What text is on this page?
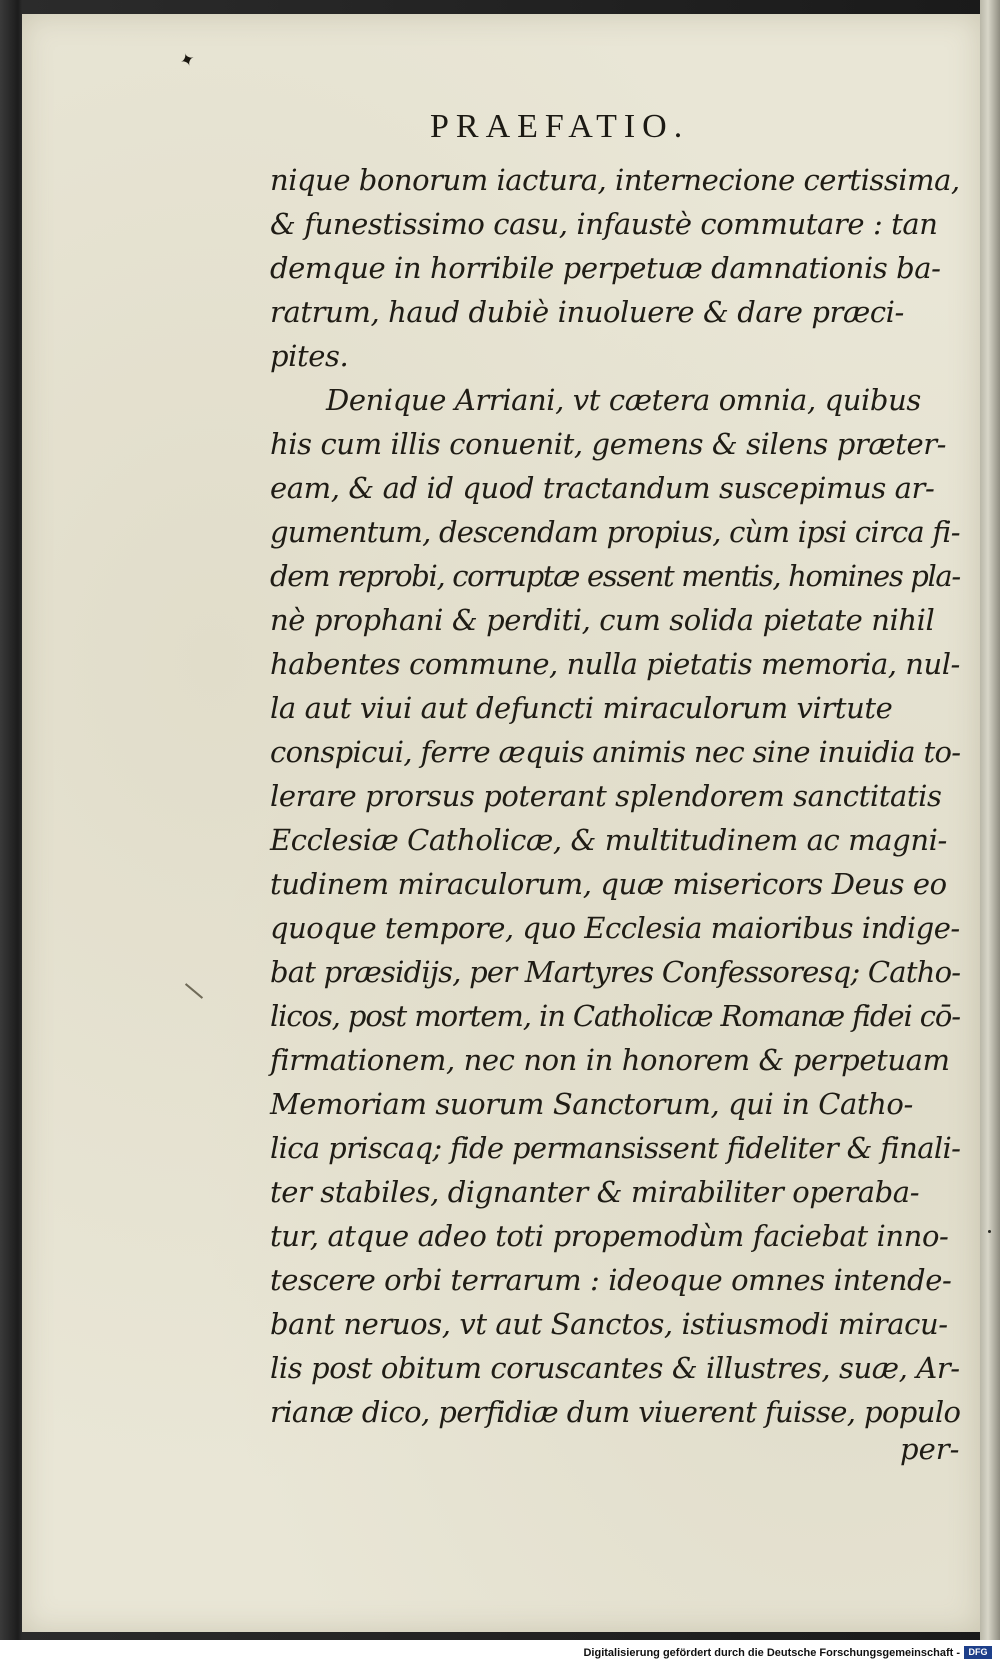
✦
PRAEFATIO.
nique bonorum iactura, internecione certissima,
& funestissimo casu, infaustè commutare : tan
demque in horribile perpetuæ damnationis ba-
ratrum, haud dubiè inuoluere & dare præci-
pites.
Denique Arriani, vt cætera omnia, quibus
his cum illis conuenit, gemens & silens præter-
eam, & ad id quod tractandum suscepimus ar-
gumentum, descendam propius, cùm ipsi circa fi-
dem reprobi, corruptæ essent mentis, homines pla-
nè prophani & perditi, cum solida pietate nihil
habentes commune, nulla pietatis memoria, nul-
la aut viui aut defuncti miraculorum virtute
conspicui, ferre æquis animis nec sine inuidia to-
lerare prorsus poterant splendorem sanctitatis
Ecclesiæ Catholicæ, & multitudinem ac magni-
tudinem miraculorum, quæ misericors Deus eo
quoque tempore, quo Ecclesia maioribus indige-
bat præsidijs, per Martyres Confessoresq; Catho-
licos, post mortem, in Catholicæ Romanæ fidei cō-
firmationem, nec non in honorem & perpetuam
Memoriam suorum Sanctorum, qui in Catho-
lica priscaq; fide permansissent fideliter & finali-
ter stabiles, dignanter & mirabiliter operaba-
tur, atque adeo toti propemodùm faciebat inno-
tescere orbi terrarum : ideoque omnes intende-
bant neruos, vt aut Sanctos, istiusmodi miracu-
lis post obitum coruscantes & illustres, suæ, Ar-
rianæ dico, perfidiæ dum viuerent fuisse, populo
per-
Digitalisierung gefördert durch die Deutsche Forschungsgemeinschaft - DFG
